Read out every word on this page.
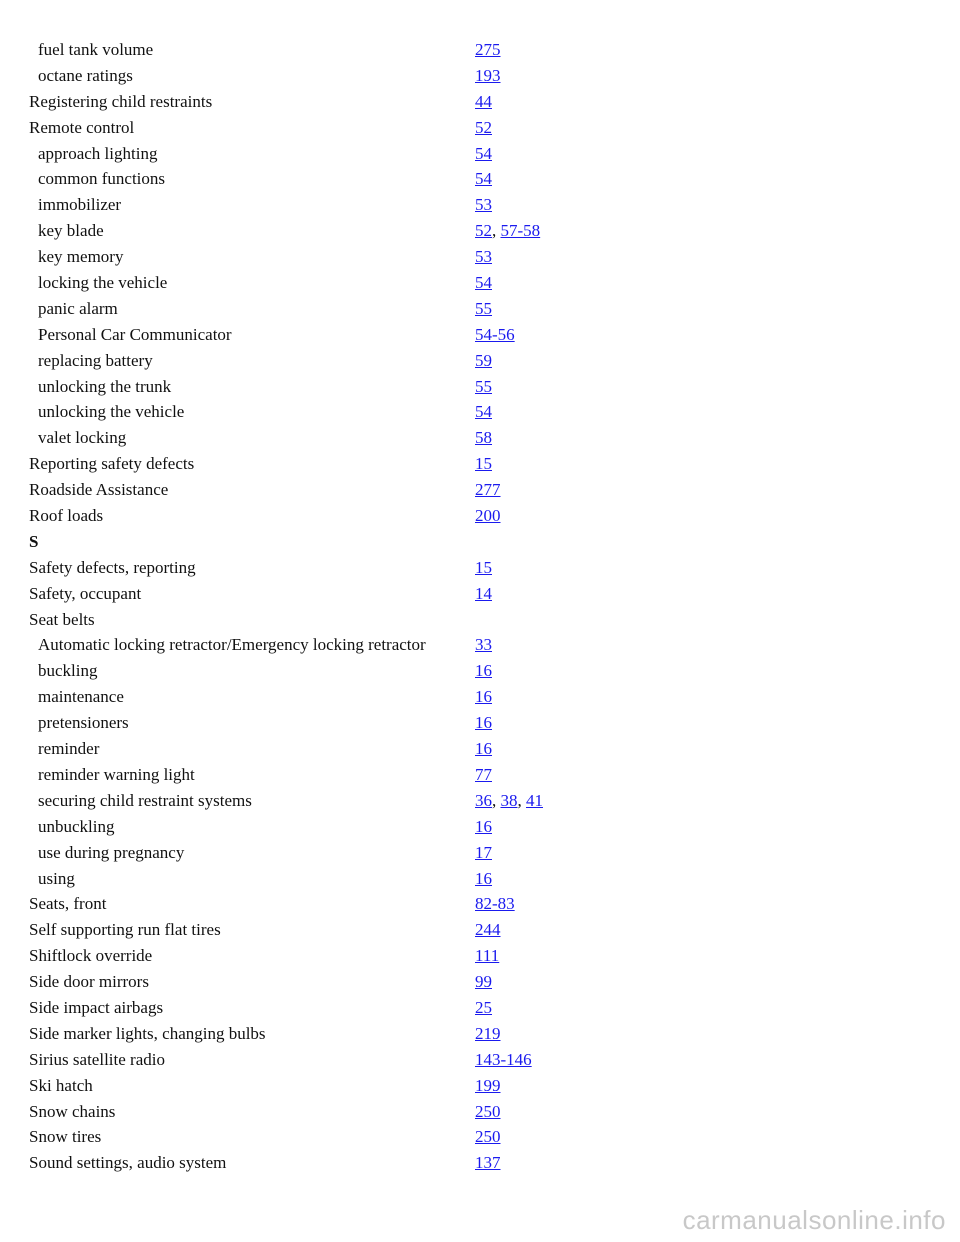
fuel tank volume	275
octane ratings	193
Registering child restraints	44
Remote control	52
approach lighting	54
common functions	54
immobilizer	53
key blade	52, 57-58
key memory	53
locking the vehicle	54
panic alarm	55
Personal Car Communicator	54-56
replacing battery	59
unlocking the trunk	55
unlocking the vehicle	54
valet locking	58
Reporting safety defects	15
Roadside Assistance	277
Roof loads	200
S
Safety defects, reporting	15
Safety, occupant	14
Seat belts
Automatic locking retractor/Emergency locking retractor	33
buckling	16
maintenance	16
pretensioners	16
reminder	16
reminder warning light	77
securing child restraint systems	36, 38, 41
unbuckling	16
use during pregnancy	17
using	16
Seats, front	82-83
Self supporting run flat tires	244
Shiftlock override	111
Side door mirrors	99
Side impact airbags	25
Side marker lights, changing bulbs	219
Sirius satellite radio	143-146
Ski hatch	199
Snow chains	250
Snow tires	250
Sound settings, audio system	137
carmanualsonline.info
